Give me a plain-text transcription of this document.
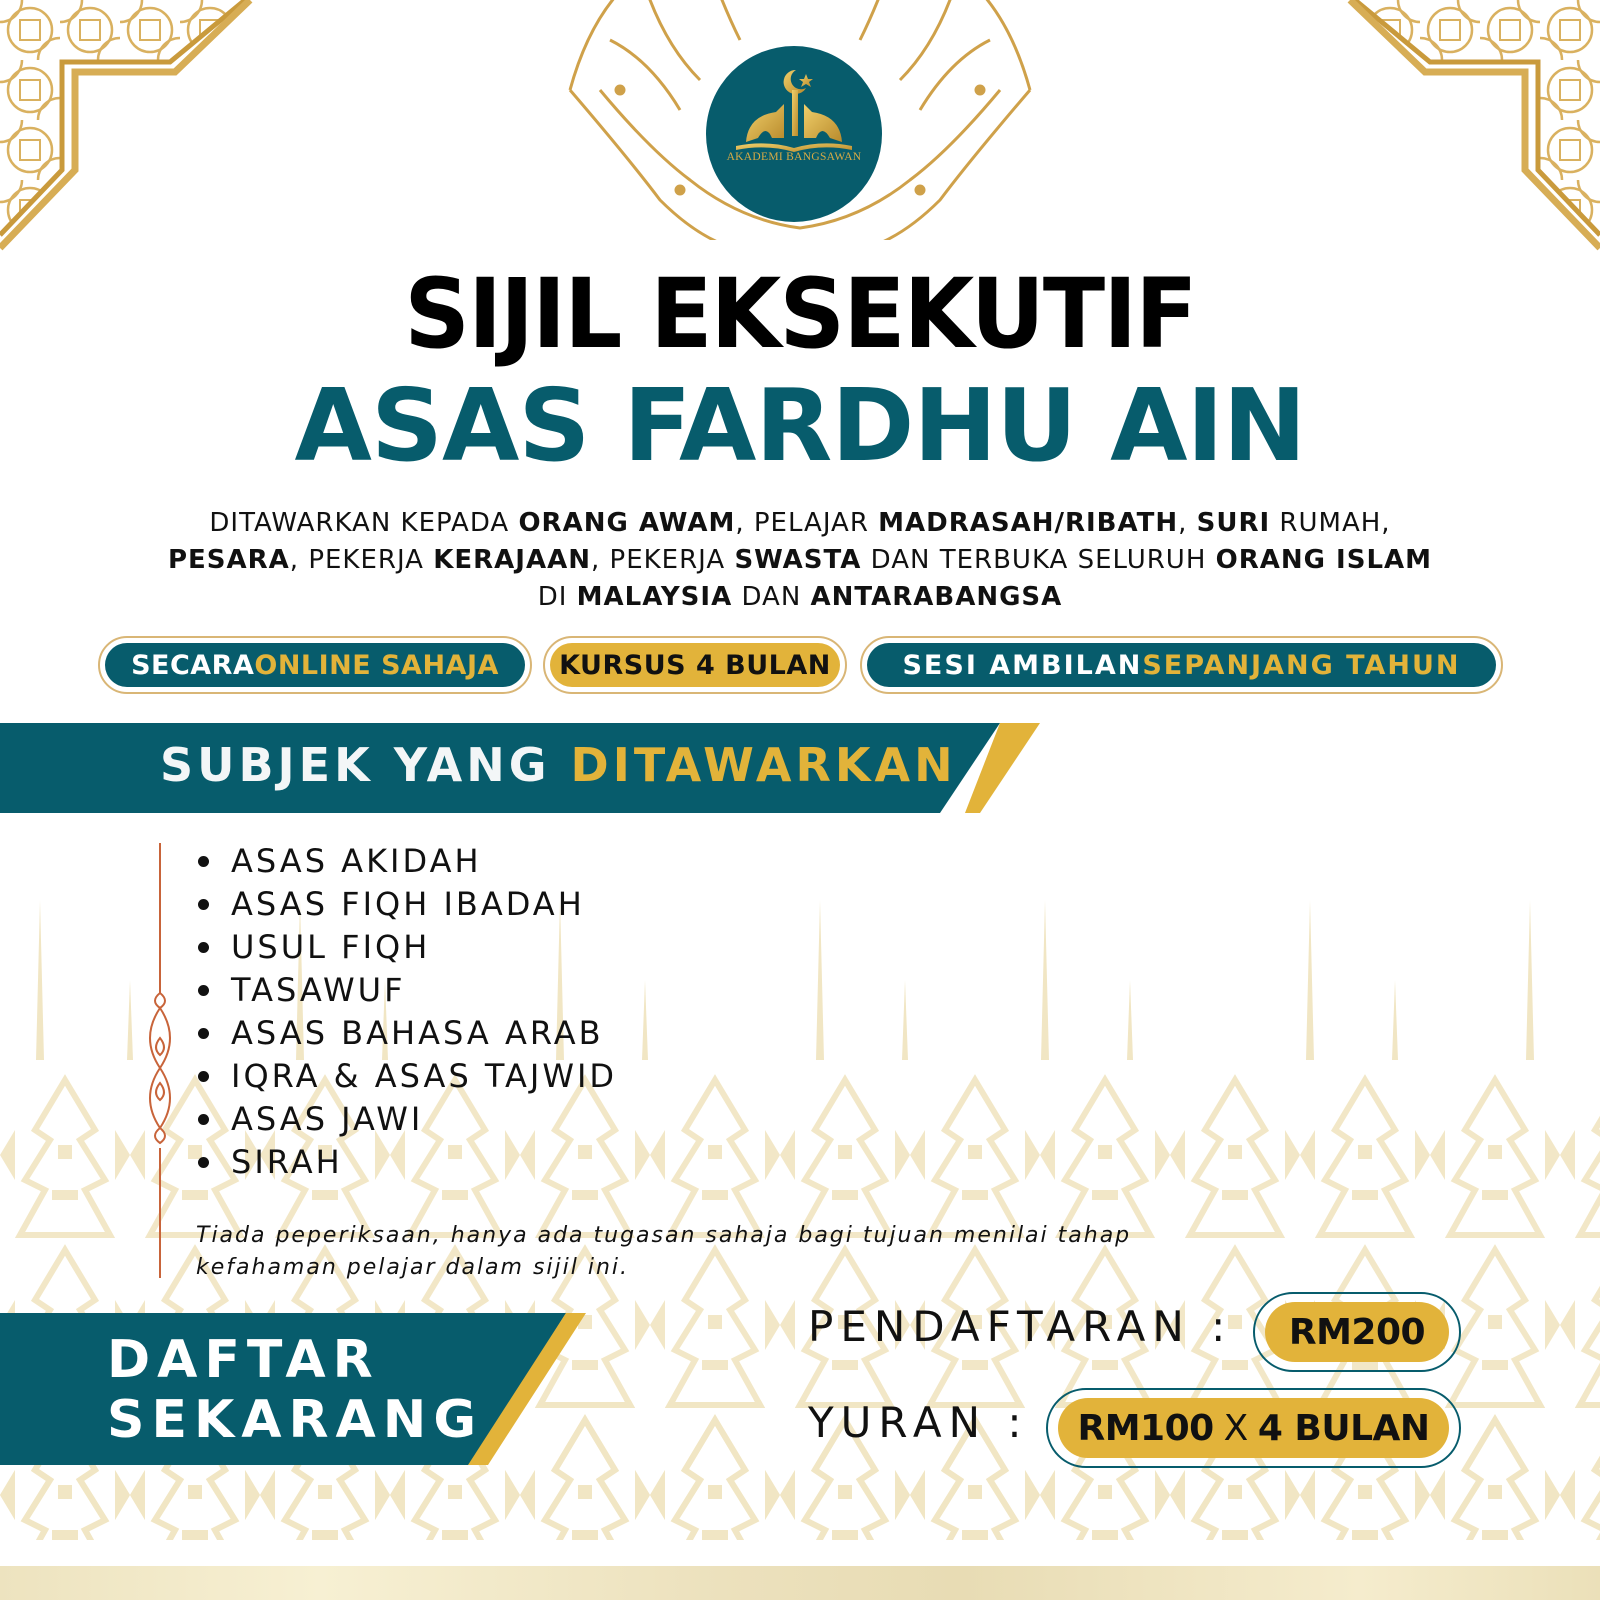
AKADEMI BANGSAWAN
SIJIL EKSEKUTIF
ASAS FARDHU AIN
DITAWARKAN KEPADA ORANG AWAM, PELAJAR MADRASAH/RIBATH, SURI RUMAH,
PESARA, PEKERJA KERAJAAN, PEKERJA SWASTA DAN TERBUKA SELURUH ORANG ISLAM DI MALAYSIA DAN ANTARABANGSA
SECARA ONLINE SAHAJA KURSUS 4 BULAN	SESI AMBILAN SEPANJANG TAHUN
SUBJEK YANG DITAWARKAN
ASAS AKIDAH
ASAS FIQH IBADAH
USUL FIQH
TASAWUF
ASAS BAHASA ARAB
IQRA & ASAS TAJWID
ASAS JAWI
SIRAH
Tiada peperiksaan, hanya ada tugasan sahaja bagi tujuan menilai tahap kefahaman pelajar dalam sijil ini.
DAFTAR
SEKARANG
PENDAFTARAN : RM200
YURAN : RM100 X 4 BULAN
